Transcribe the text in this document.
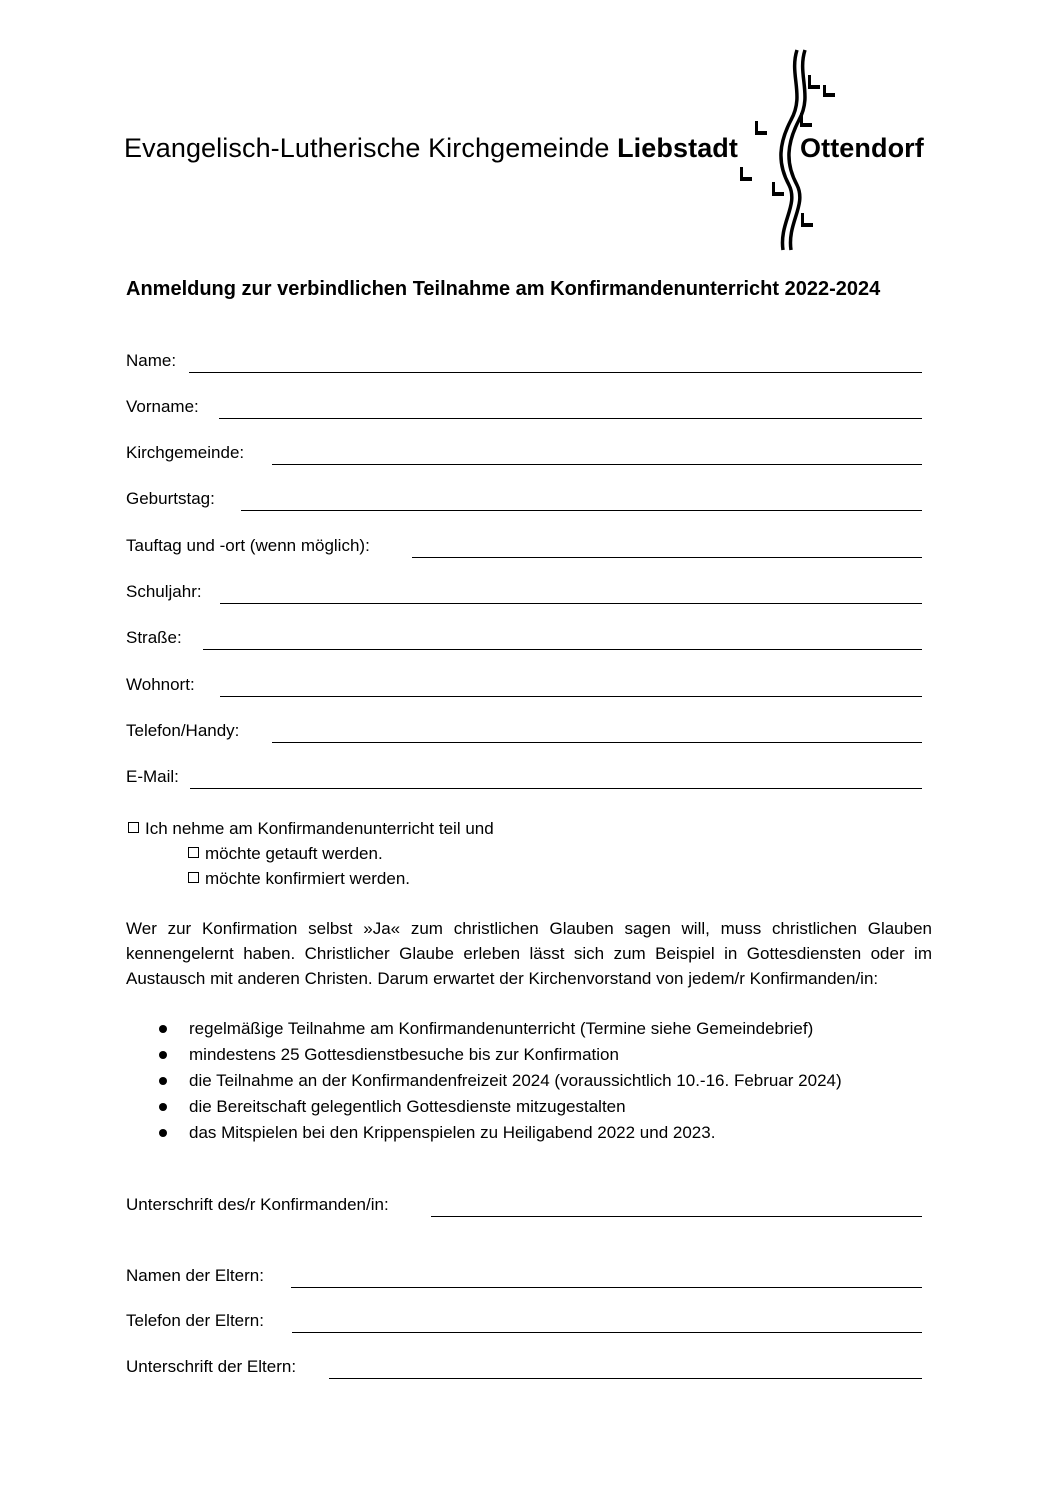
Evangelisch-Lutherische Kirchgemeinde Liebstadt Ottendorf
Anmeldung zur verbindlichen Teilnahme am Konfirmandenunterricht 2022-2024
Name:
Vorname:
Kirchgemeinde:
Geburtstag:
Tauftag und -ort (wenn möglich):
Schuljahr:
Straße:
Wohnort:
Telefon/Handy:
E-Mail:
Ich nehme am Konfirmandenunterricht teil und
möchte getauft werden.
möchte konfirmiert werden.
Wer zur Konfirmation selbst »Ja« zum christlichen Glauben sagen will, muss christlichen Glauben kennengelernt haben. Christlicher Glaube erleben lässt sich zum Beispiel in Gottesdiensten oder im Austausch mit anderen Christen. Darum erwartet der Kirchenvorstand von jedem/r Konfirmanden/in:
regelmäßige Teilnahme am Konfirmandenunterricht (Termine siehe Gemeindebrief)
mindestens 25 Gottesdienstbesuche bis zur Konfirmation
die Teilnahme an der Konfirmandenfreizeit 2024 (voraussichtlich 10.-16. Februar 2024)
die Bereitschaft gelegentlich Gottesdienste mitzugestalten
das Mitspielen bei den Krippenspielen zu Heiligabend 2022 und 2023.
Unterschrift des/r Konfirmanden/in:
Namen der Eltern:
Telefon der Eltern:
Unterschrift der Eltern:
